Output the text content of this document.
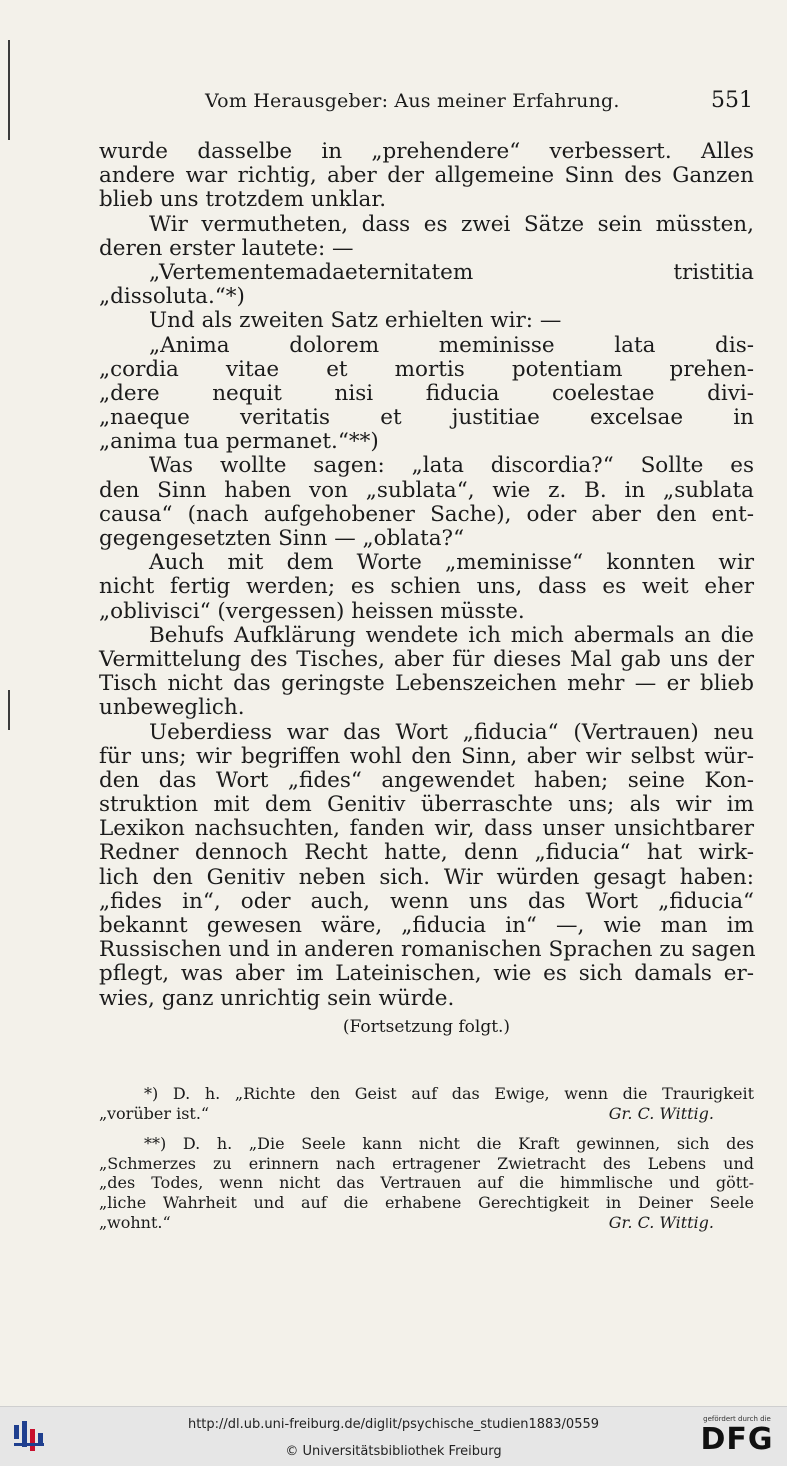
Vom Herausgeber: Aus meiner Erfahrung.	551
wurde dasselbe in „prehendere“ verbessert. Alles
andere war richtig, aber der allgemeine Sinn des Ganzen
blieb uns trotzdem unklar.
Wir vermutheten, dass es zwei Sätze sein müssten,
deren erster lautete: —
„Vertementemadaeternitatem tristitia
„dissoluta.“*)
Und als zweiten Satz erhielten wir: —
„Anima dolorem meminisse lata dis-
„cordia vitae et mortis potentiam prehen-
„dere nequit nisi fiducia coelestae divi-
„naeque veritatis et justitiae excelsae in
„anima tua permanet.“**)
Was wollte sagen: „lata discordia?“ Sollte es
den Sinn haben von „sublata“, wie z. B. in „sublata
causa“ (nach aufgehobener Sache), oder aber den ent-
gegengesetzten Sinn — „oblata?“
Auch mit dem Worte „meminisse“ konnten wir
nicht fertig werden; es schien uns, dass es weit eher
„oblivisci“ (vergessen) heissen müsste.
Behufs Aufklärung wendete ich mich abermals an die
Vermittelung des Tisches, aber für dieses Mal gab uns der
Tisch nicht das geringste Lebenszeichen mehr — er blieb
unbeweglich.
Ueberdiess war das Wort „fiducia“ (Vertrauen) neu
für uns; wir begriffen wohl den Sinn, aber wir selbst wür-
den das Wort „fides“ angewendet haben; seine Kon-
struktion mit dem Genitiv überraschte uns; als wir im
Lexikon nachsuchten, fanden wir, dass unser unsichtbarer
Redner dennoch Recht hatte, denn „fiducia“ hat wirk-
lich den Genitiv neben sich. Wir würden gesagt haben:
„fides in“, oder auch, wenn uns das Wort „fiducia“
bekannt gewesen wäre, „fiducia in“ —, wie man im
Russischen und in anderen romanischen Sprachen zu sagen
pflegt, was aber im Lateinischen, wie es sich damals er-
wies, ganz unrichtig sein würde.
(Fortsetzung folgt.)
*) D. h. „Richte den Geist auf das Ewige, wenn die Traurigkeit
„vorüber ist.“	Gr. C. Wittig.
**) D. h. „Die Seele kann nicht die Kraft gewinnen, sich des
„Schmerzes zu erinnern nach ertragener Zwietracht des Lebens und
„des Todes, wenn nicht das Vertrauen auf die himmlische und gött-
„liche Wahrheit und auf die erhabene Gerechtigkeit in Deiner Seele
„wohnt.“	Gr. C. Wittig.
http://dl.ub.uni-freiburg.de/diglit/psychische_studien1883/0559
© Universitätsbibliothek Freiburg
gefördert durch die
DFG
